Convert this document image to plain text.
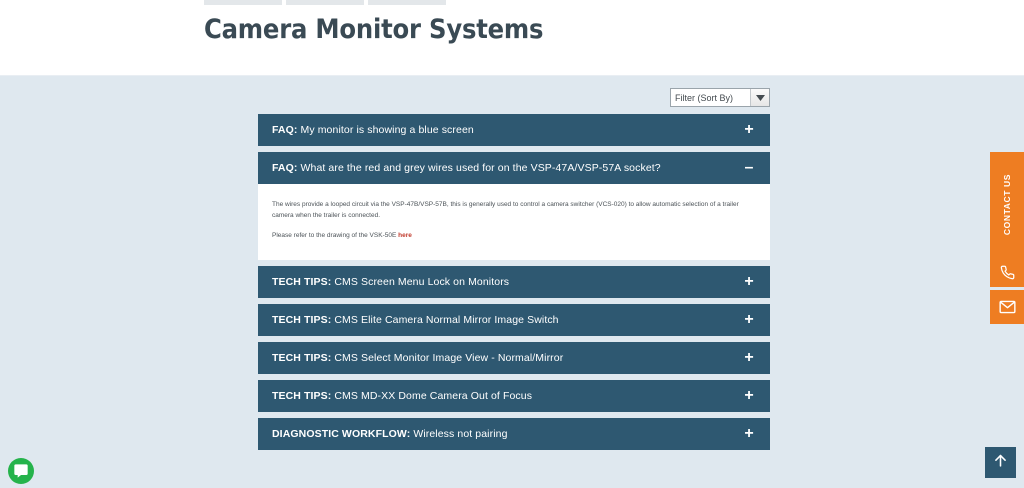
Camera Monitor Systems
Filter (Sort By)
FAQ: My monitor is showing a blue screen	+
FAQ: What are the red and grey wires used for on the VSP-47A/VSP-57A socket?	–

The wires provide a looped circuit via the VSP-47B/VSP-57B, this is generally used to control a camera switcher (VCS-020) to allow automatic selection of a trailer camera when the trailer is connected.

Please refer to the drawing of the VSK-50E here

TECH TIPS: CMS Screen Menu Lock on Monitors	+
TECH TIPS: CMS Elite Camera Normal Mirror Image Switch	+
TECH TIPS: CMS Select Monitor Image View - Normal/Mirror	+
TECH TIPS: CMS MD-XX Dome Camera Out of Focus	+
DIAGNOSTIC WORKFLOW: Wireless not pairing	+
CONTACT US
